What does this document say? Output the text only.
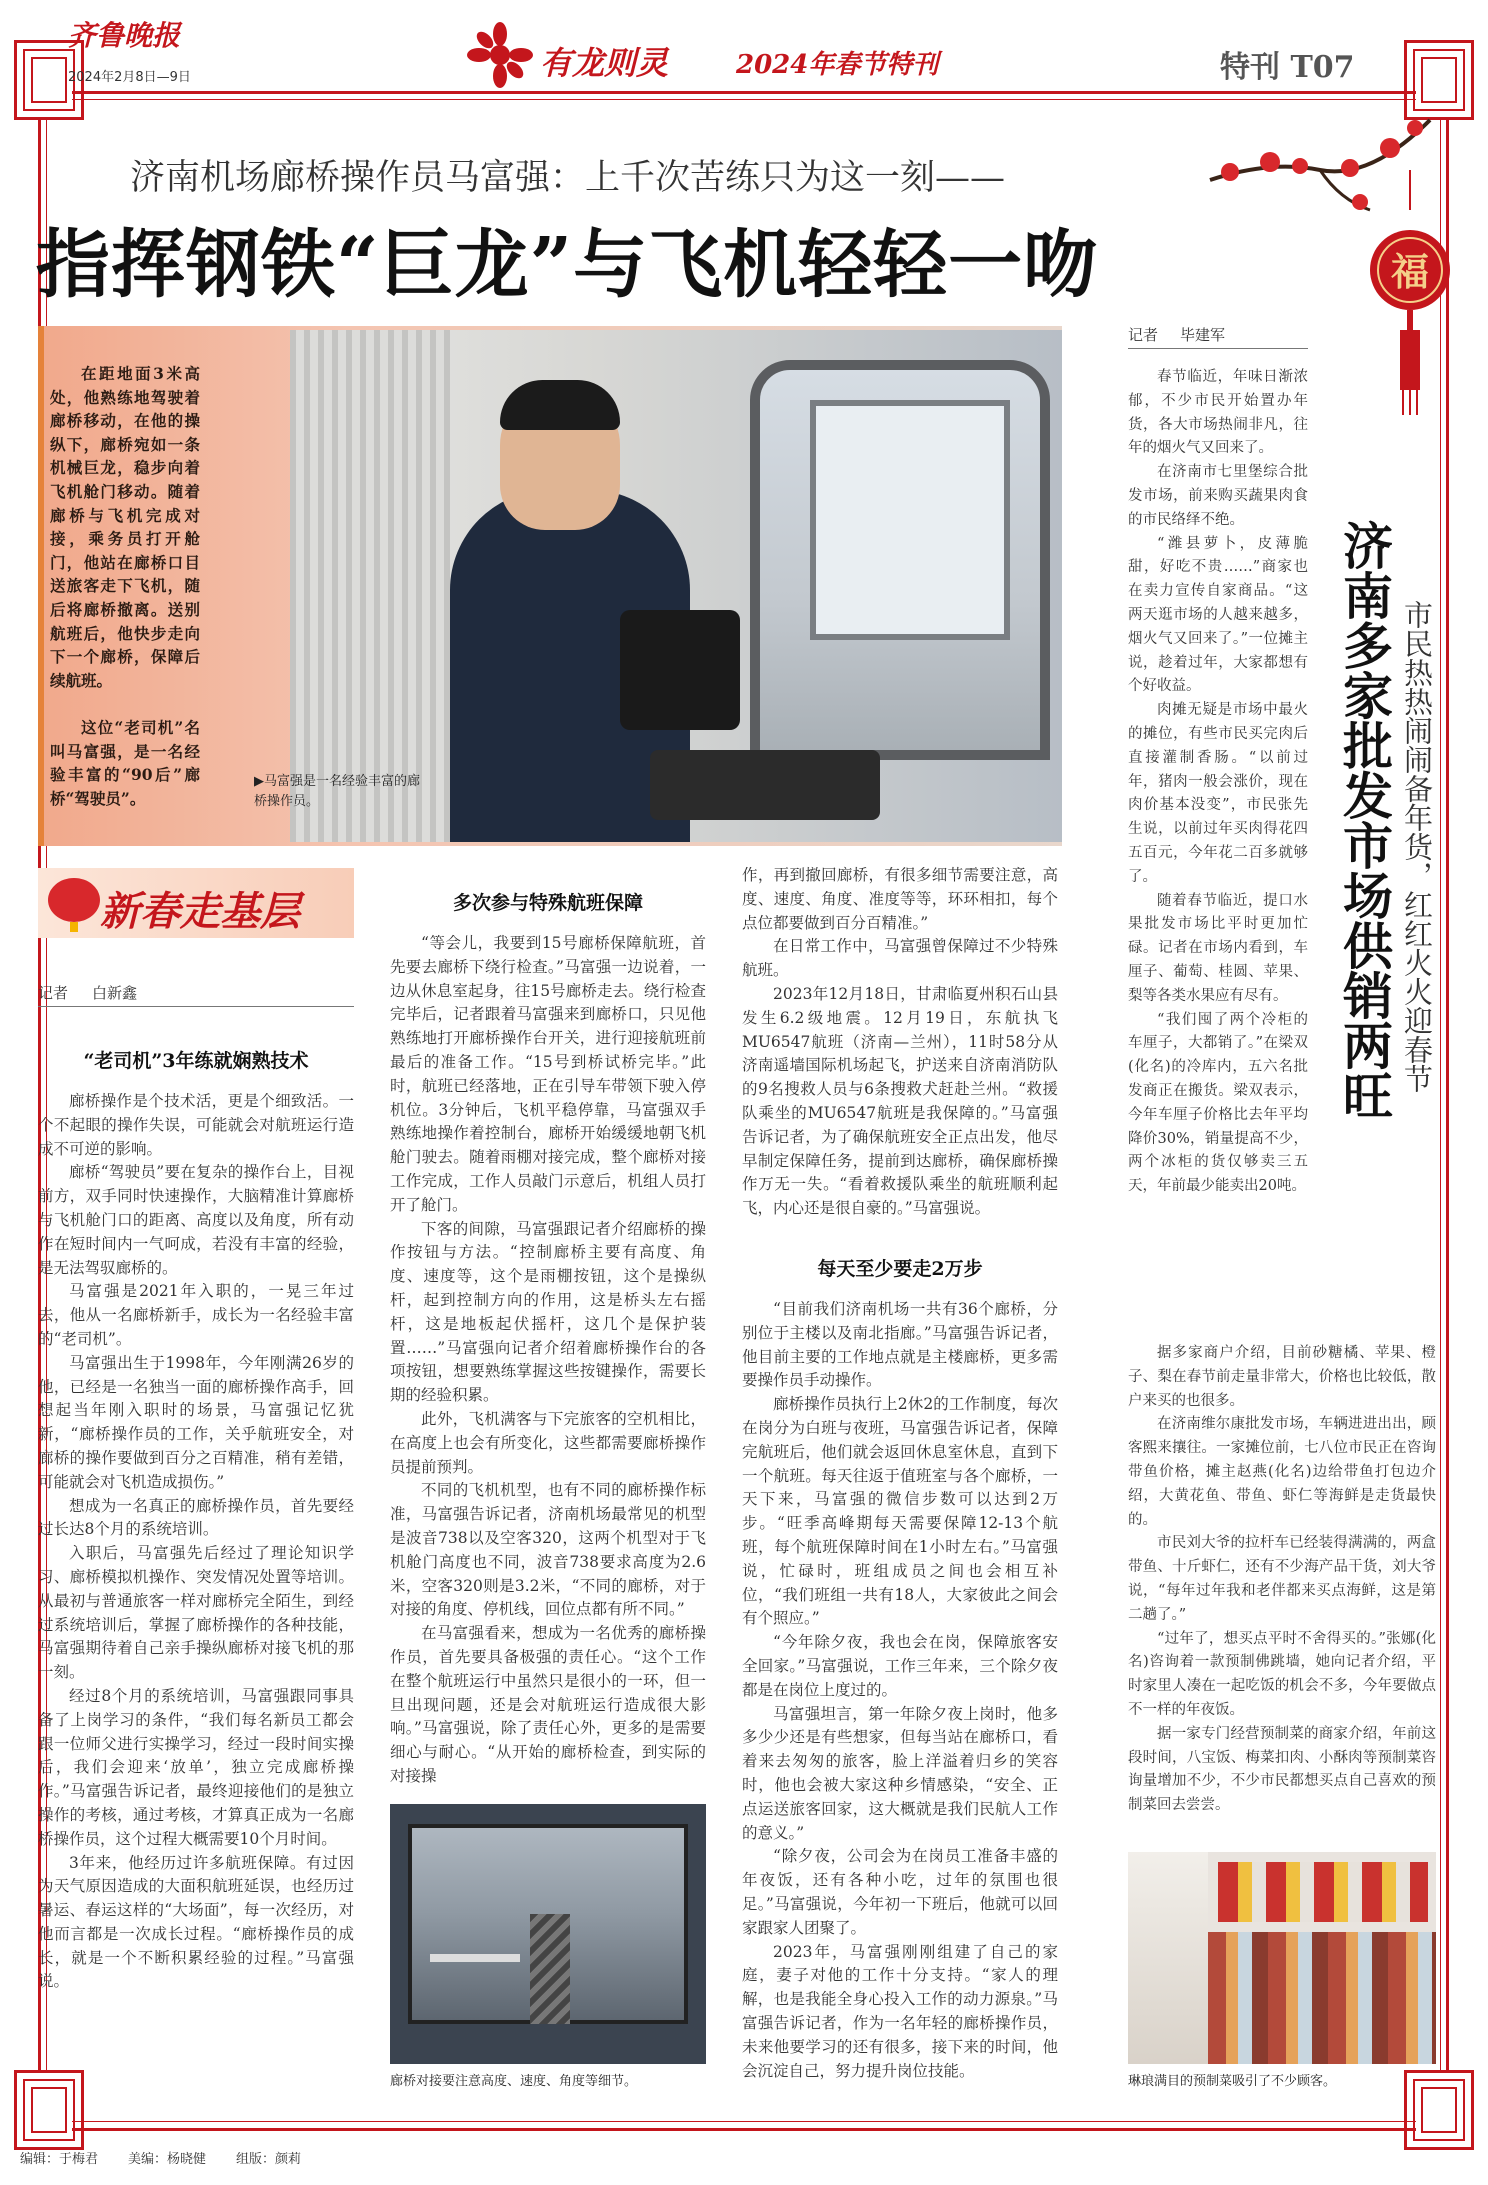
齐鲁晚报
2024年2月8日—9日	有龙则灵	2024年春节特刊	特刊 T07
福
济南机场廊桥操作员马富强：上千次苦练只为这一刻——
指挥钢铁“巨龙”与飞机轻轻一吻

在距地面3米高处，他熟练地驾驶着廊桥移动，在他的操纵下，廊桥宛如一条机械巨龙，稳步向着飞机舱门移动。随着廊桥与飞机完成对接，乘务员打开舱门，他站在廊桥口目送旅客走下飞机，随后将廊桥撤离。送别航班后，他快步走向下一个廊桥，保障后续航班。

这位“老司机”名叫马富强，是一名经验丰富的“90后”廊桥“驾驶员”。

▶马富强是一名经验丰富的廊桥操作员。
新春走基层
记者 白新鑫
“老司机”3年练就娴熟技术

廊桥操作是个技术活，更是个细致活。一个不起眼的操作失误，可能就会对航班运行造成不可逆的影响。

廊桥“驾驶员”要在复杂的操作台上，目视前方，双手同时快速操作，大脑精准计算廊桥与飞机舱门口的距离、高度以及角度，所有动作在短时间内一气呵成，若没有丰富的经验，是无法驾驭廊桥的。

马富强是2021年入职的，一晃三年过去，他从一名廊桥新手，成长为一名经验丰富的“老司机”。

马富强出生于1998年，今年刚满26岁的他，已经是一名独当一面的廊桥操作高手，回想起当年刚入职时的场景，马富强记忆犹新，“廊桥操作员的工作，关乎航班安全，对廊桥的操作要做到百分之百精准，稍有差错，可能就会对飞机造成损伤。”

想成为一名真正的廊桥操作员，首先要经过长达8个月的系统培训。

入职后，马富强先后经过了理论知识学习、廊桥模拟机操作、突发情况处置等培训。从最初与普通旅客一样对廊桥完全陌生，到经过系统培训后，掌握了廊桥操作的各种技能，马富强期待着自己亲手操纵廊桥对接飞机的那一刻。

经过8个月的系统培训，马富强跟同事具备了上岗学习的条件，“我们每名新员工都会跟一位师父进行实操学习，经过一段时间实操后，我们会迎来‘放单’，独立完成廊桥操作。”马富强告诉记者，最终迎接他们的是独立操作的考核，通过考核，才算真正成为一名廊桥操作员，这个过程大概需要10个月时间。

3年来，他经历过许多航班保障。有过因为天气原因造成的大面积航班延误，也经历过暑运、春运这样的“大场面”，每一次经历，对他而言都是一次成长过程。“廊桥操作员的成长，就是一个不断积累经验的过程。”马富强说。

多次参与特殊航班保障

“等会儿，我要到15号廊桥保障航班，首先要去廊桥下绕行检查。”马富强一边说着，一边从休息室起身，往15号廊桥走去。绕行检查完毕后，记者跟着马富强来到廊桥口，只见他熟练地打开廊桥操作台开关，进行迎接航班前最后的准备工作。“15号到桥试桥完毕。”此时，航班已经落地，正在引导车带领下驶入停机位。3分钟后，飞机平稳停靠，马富强双手熟练地操作着控制台，廊桥开始缓缓地朝飞机舱门驶去。随着雨棚对接完成，整个廊桥对接工作完成，工作人员敲门示意后，机组人员打开了舱门。

下客的间隙，马富强跟记者介绍廊桥的操作按钮与方法。“控制廊桥主要有高度、角度、速度等，这个是雨棚按钮，这个是操纵杆，起到控制方向的作用，这是桥头左右摇杆，这是地板起伏摇杆，这几个是保护装置……”马富强向记者介绍着廊桥操作台的各项按钮，想要熟练掌握这些按键操作，需要长期的经验积累。

此外，飞机满客与下完旅客的空机相比，在高度上也会有所变化，这些都需要廊桥操作员提前预判。

不同的飞机机型，也有不同的廊桥操作标准，马富强告诉记者，济南机场最常见的机型是波音738以及空客320，这两个机型对于飞机舱门高度也不同，波音738要求高度为2.6米，空客320则是3.2米，“不同的廊桥，对于对接的角度、停机线，回位点都有所不同。”

在马富强看来，想成为一名优秀的廊桥操作员，首先要具备极强的责任心。“这个工作在整个航班运行中虽然只是很小的一环，但一旦出现问题，还是会对航班运行造成很大影响。”马富强说，除了责任心外，更多的是需要细心与耐心。“从开始的廊桥检查，到实际的对接操

廊桥对接要注意高度、速度、角度等细节。

作，再到撤回廊桥，有很多细节需要注意，高度、速度、角度、准度等等，环环相扣，每个点位都要做到百分百精准。”

在日常工作中，马富强曾保障过不少特殊航班。

2023年12月18日，甘肃临夏州积石山县发生6.2级地震。12月19日，东航执飞MU6547航班（济南—兰州），11时58分从济南遥墙国际机场起飞，护送来自济南消防队的9名搜救人员与6条搜救犬赶赴兰州。“救援队乘坐的MU6547航班是我保障的。”马富强告诉记者，为了确保航班安全正点出发，他尽早制定保障任务，提前到达廊桥，确保廊桥操作万无一失。“看着救援队乘坐的航班顺利起飞，内心还是很自豪的。”马富强说。

每天至少要走2万步

“目前我们济南机场一共有36个廊桥，分别位于主楼以及南北指廊。”马富强告诉记者，他目前主要的工作地点就是主楼廊桥，更多需要操作员手动操作。

廊桥操作员执行上2休2的工作制度，每次在岗分为白班与夜班，马富强告诉记者，保障完航班后，他们就会返回休息室休息，直到下一个航班。每天往返于值班室与各个廊桥，一天下来，马富强的微信步数可以达到2万步。“旺季高峰期每天需要保障12-13个航班，每个航班保障时间在1小时左右。”马富强说，忙碌时，班组成员之间也会相互补位，“我们班组一共有18人，大家彼此之间会有个照应。”

“今年除夕夜，我也会在岗，保障旅客安全回家。”马富强说，工作三年来，三个除夕夜都是在岗位上度过的。

马富强坦言，第一年除夕夜上岗时，他多多少少还是有些想家，但每当站在廊桥口，看着来去匆匆的旅客，脸上洋溢着归乡的笑容时，他也会被大家这种乡情感染，“安全、正点运送旅客回家，这大概就是我们民航人工作的意义。”

“除夕夜，公司会为在岗员工准备丰盛的年夜饭，还有各种小吃，过年的氛围也很足。”马富强说，今年初一下班后，他就可以回家跟家人团聚了。

2023年，马富强刚刚组建了自己的家庭，妻子对他的工作十分支持。“家人的理解，也是我能全身心投入工作的动力源泉。”马富强告诉记者，作为一名年轻的廊桥操作员，未来他要学习的还有很多，接下来的时间，他会沉淀自己，努力提升岗位技能。

记者 毕建军

春节临近，年味日渐浓郁，不少市民开始置办年货，各大市场热闹非凡，往年的烟火气又回来了。

在济南市七里堡综合批发市场，前来购买蔬果肉食的市民络绎不绝。

“潍县萝卜，皮薄脆甜，好吃不贵……”商家也在卖力宣传自家商品。“这两天逛市场的人越来越多，烟火气又回来了。”一位摊主说，趁着过年，大家都想有个好收益。

肉摊无疑是市场中最火的摊位，有些市民买完肉后直接灌制香肠。“以前过年，猪肉一般会涨价，现在肉价基本没变”，市民张先生说，以前过年买肉得花四五百元，今年花二百多就够了。

随着春节临近，提口水果批发市场比平时更加忙碌。记者在市场内看到，车厘子、葡萄、桂圆、苹果、梨等各类水果应有尽有。

“我们囤了两个冷柜的车厘子，大都销了。”在梁双(化名)的冷库内，五六名批发商正在搬货。梁双表示，今年车厘子价格比去年平均降价30%，销量提高不少，两个冰柜的货仅够卖三五天，年前最少能卖出20吨。

济南多家批发市场供销两旺 市民热热闹闹备年货，红红火火迎春节

据多家商户介绍，目前砂糖橘、苹果、橙子、梨在春节前走量非常大，价格也比较低，散户来买的也很多。

在济南维尔康批发市场，车辆进进出出，顾客熙来攘往。一家摊位前，七八位市民正在咨询带鱼价格，摊主赵燕(化名)边给带鱼打包边介绍，大黄花鱼、带鱼、虾仁等海鲜是走货最快的。

市民刘大爷的拉杆车已经装得满满的，两盒带鱼、十斤虾仁，还有不少海产品干货，刘大爷说，“每年过年我和老伴都来买点海鲜，这是第二趟了。”

“过年了，想买点平时不舍得买的。”张娜(化名)咨询着一款预制佛跳墙，她向记者介绍，平时家里人凑在一起吃饭的机会不多，今年要做点不一样的年夜饭。

据一家专门经营预制菜的商家介绍，年前这段时间，八宝饭、梅菜扣肉、小酥肉等预制菜咨询量增加不少，不少市民都想买点自己喜欢的预制菜回去尝尝。

琳琅满目的预制菜吸引了不少顾客。
编辑：于梅君 美编：杨晓健 组版：颜莉
